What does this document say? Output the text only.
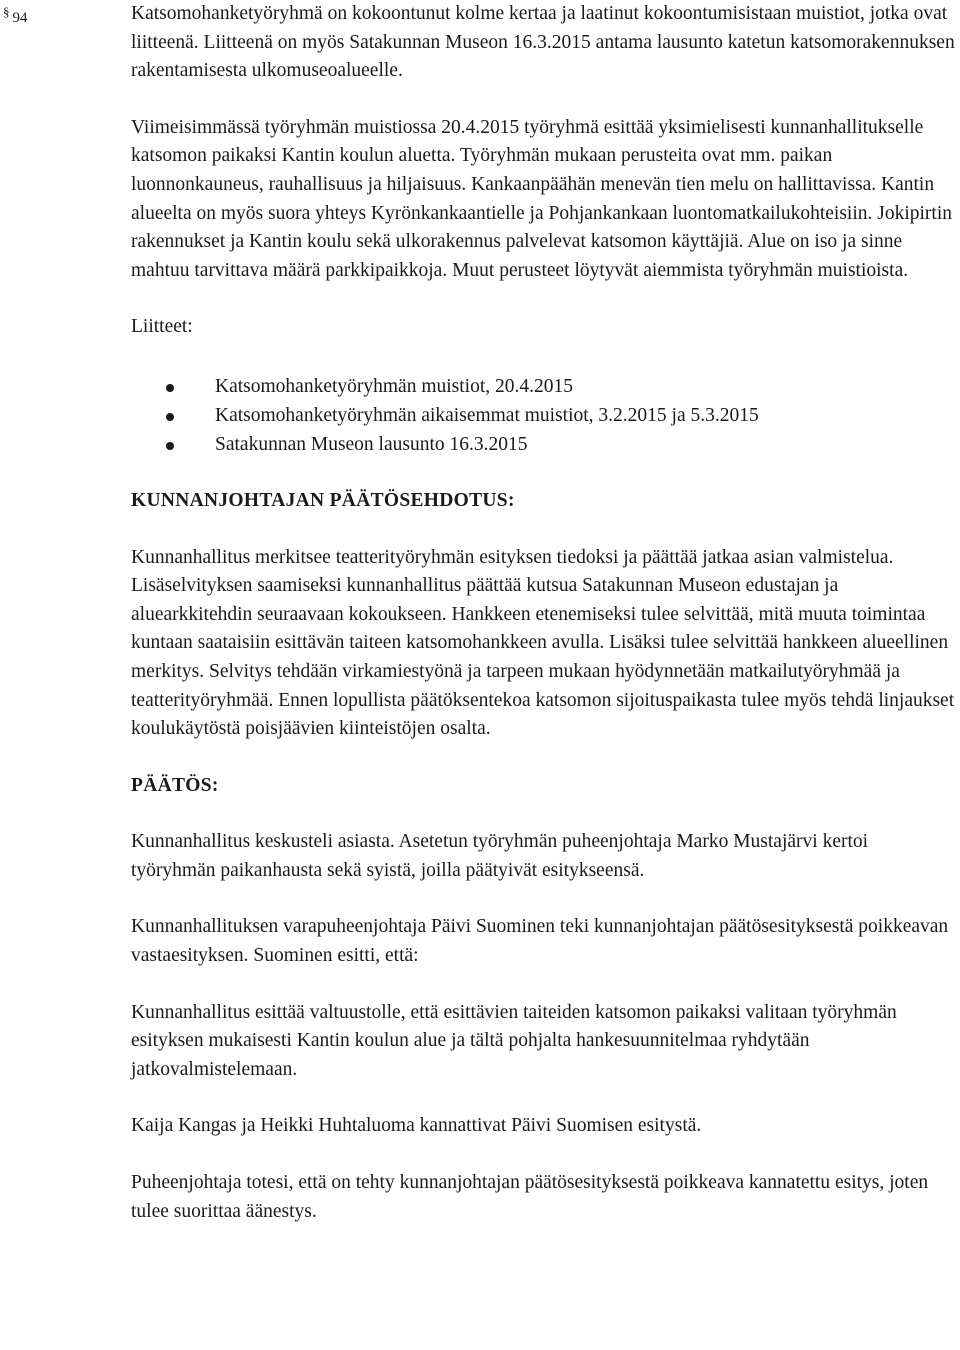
§ 94	Katsomohanketyöryhmä on kokoontunut kolme kertaa ja laatinut kokoontumisistaan muistiot, jotka ovat liitteenä. Liitteenä on myös Satakunnan Museon 16.3.2015 antama lausunto katetun katsomorakennuksen rakentamisesta ulkomuseoalueelle.

Viimeisimmässä työryhmän muistiossa 20.4.2015 työryhmä esittää yksimielisesti kunnanhallitukselle katsomon paikaksi Kantin koulun aluetta. Työryhmän mukaan perusteita ovat mm. paikan luonnonkauneus, rauhallisuus ja hiljaisuus. Kankaanpäähän menevän tien melu on hallittavissa. Kantin alueelta on myös suora yhteys Kyrönkankaantielle ja Pohjankankaan luontomatkailukohteisiin. Jokipirtin rakennukset ja Kantin koulu sekä ulkorakennus palvelevat katsomon käyttäjiä. Alue on iso ja sinne mahtuu tarvittava määrä parkkipaikkoja. Muut perusteet löytyvät aiemmista työryhmän muistioista.

Liitteet:

Katsomohanketyöryhmän muistiot, 20.4.2015
Katsomohanketyöryhmän aikaisemmat muistiot, 3.2.2015 ja 5.3.2015
Satakunnan Museon lausunto 16.3.2015

KUNNANJOHTAJAN PÄÄTÖSEHDOTUS:

Kunnanhallitus merkitsee teatterityöryhmän esityksen tiedoksi ja päättää jatkaa asian valmistelua. Lisäselvityksen saamiseksi kunnanhallitus päättää kutsua Satakunnan Museon edustajan ja aluearkkitehdin seuraavaan kokoukseen. Hankkeen etenemiseksi tulee selvittää, mitä muuta toimintaa kuntaan saataisiin esittävän taiteen katsomohankkeen avulla. Lisäksi tulee selvittää hankkeen alueellinen merkitys. Selvitys tehdään virkamiestyönä ja tarpeen mukaan hyödynnetään matkailutyöryhmää ja teatterityöryhmää. Ennen lopullista päätöksentekoa katsomon sijoituspaikasta tulee myös tehdä linjaukset koulukäytöstä poisjäävien kiinteistöjen osalta.

PÄÄTÖS:

Kunnanhallitus keskusteli asiasta. Asetetun työryhmän puheenjohtaja Marko Mustajärvi kertoi työryhmän paikanhausta sekä syistä, joilla päätyivät esitykseensä.

Kunnanhallituksen varapuheenjohtaja Päivi Suominen teki kunnanjohtajan päätösesityksestä poikkeavan vastaesityksen. Suominen esitti, että:

Kunnanhallitus esittää valtuustolle, että esittävien taiteiden katsomon paikaksi valitaan työryhmän esityksen mukaisesti Kantin koulun alue ja tältä pohjalta hankesuunnitelmaa ryhdytään jatkovalmistelemaan.

Kaija Kangas ja Heikki Huhtaluoma kannattivat Päivi Suomisen esitystä.

Puheenjohtaja totesi, että on tehty kunnanjohtajan päätösesityksestä poikkeava kannatettu esitys, joten tulee suorittaa äänestys.
